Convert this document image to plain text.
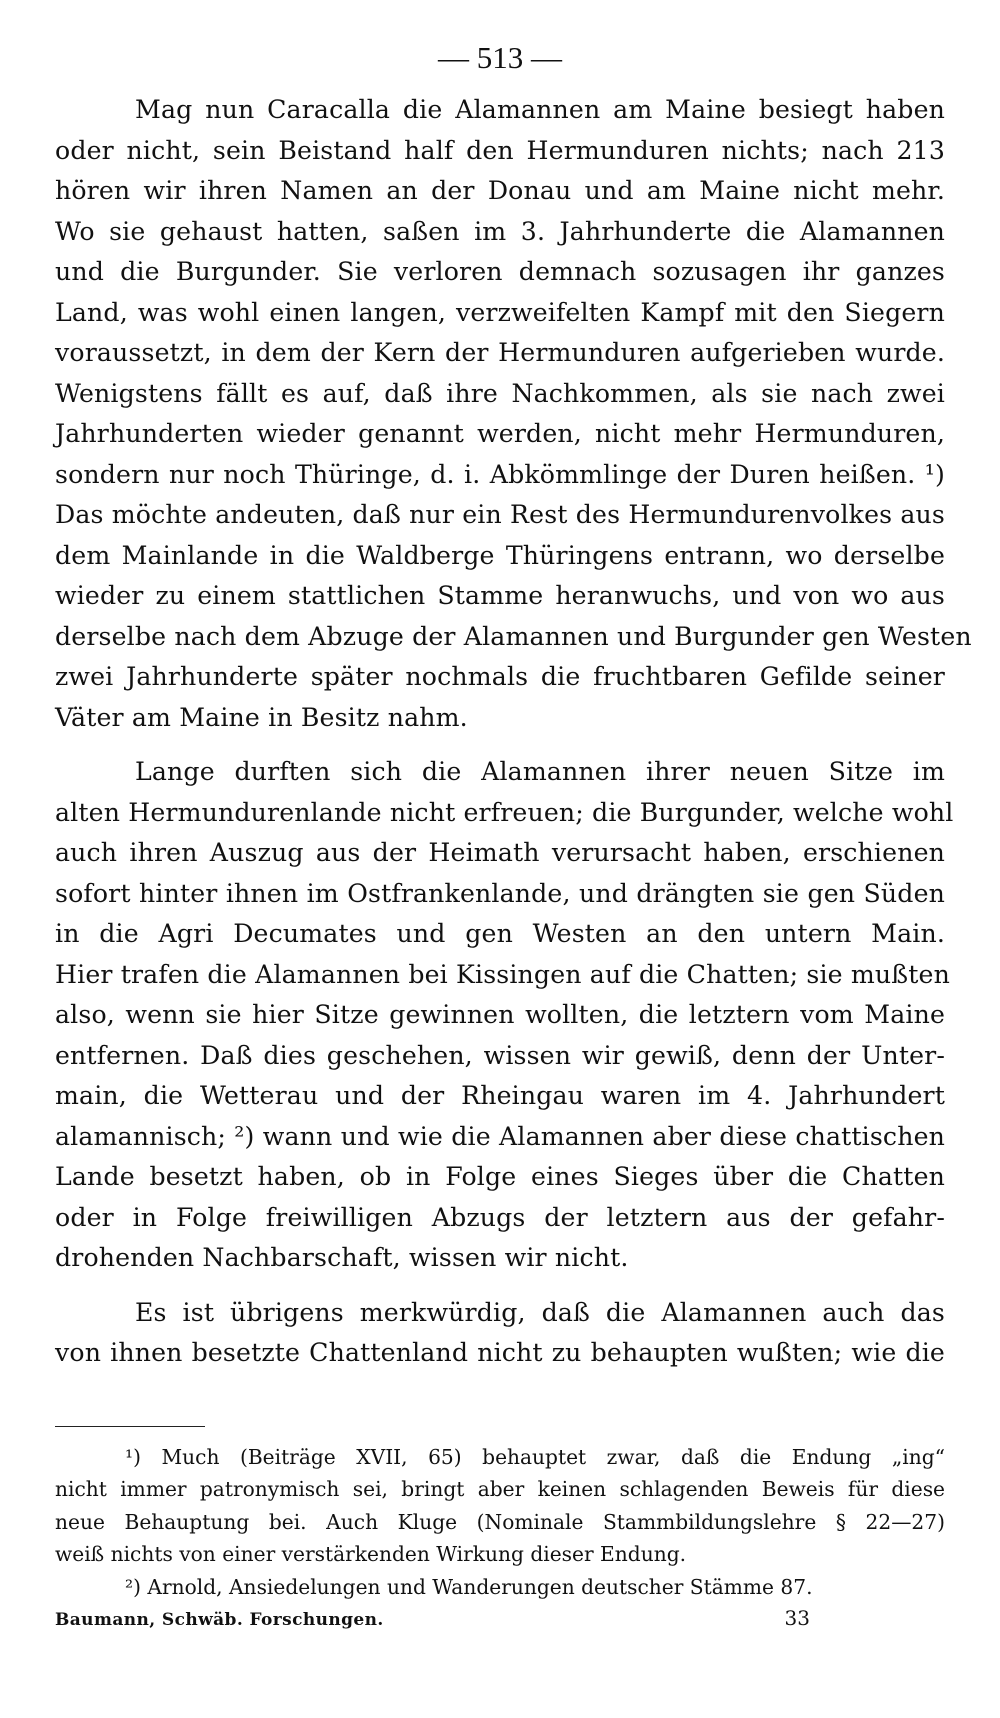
— 513 —

Mag nun Caracalla die Alamannen am Maine besiegt haben
oder nicht, sein Beistand half den Hermunduren nichts; nach 213
hören wir ihren Namen an der Donau und am Maine nicht mehr.
Wo sie gehaust hatten, saßen im 3. Jahrhunderte die Alamannen
und die Burgunder. Sie verloren demnach sozusagen ihr ganzes
Land, was wohl einen langen, verzweifelten Kampf mit den Siegern
voraussetzt, in dem der Kern der Hermunduren aufgerieben wurde.
Wenigstens fällt es auf, daß ihre Nachkommen, als sie nach zwei
Jahrhunderten wieder genannt werden, nicht mehr Hermunduren,
sondern nur noch Thüringe, d. i. Abkömmlinge der Duren heißen. ¹)
Das möchte andeuten, daß nur ein Rest des Hermundurenvolkes aus
dem Mainlande in die Waldberge Thüringens entrann, wo derselbe
wieder zu einem stattlichen Stamme heranwuchs, und von wo aus
derselbe nach dem Abzuge der Alamannen und Burgunder gen Westen
zwei Jahrhunderte später nochmals die fruchtbaren Gefilde seiner
Väter am Maine in Besitz nahm.

Lange durften sich die Alamannen ihrer neuen Sitze im
alten Hermundurenlande nicht erfreuen; die Burgunder, welche wohl
auch ihren Auszug aus der Heimath verursacht haben, erschienen
sofort hinter ihnen im Ostfrankenlande, und drängten sie gen Süden
in die Agri Decumates und gen Westen an den untern Main.
Hier trafen die Alamannen bei Kissingen auf die Chatten; sie mußten
also, wenn sie hier Sitze gewinnen wollten, die letztern vom Maine
entfernen. Daß dies geschehen, wissen wir gewiß, denn der Unter-
main, die Wetterau und der Rheingau waren im 4. Jahrhundert
alamannisch; ²) wann und wie die Alamannen aber diese chattischen
Lande besetzt haben, ob in Folge eines Sieges über die Chatten
oder in Folge freiwilligen Abzugs der letztern aus der gefahr-
drohenden Nachbarschaft, wissen wir nicht.

Es ist übrigens merkwürdig, daß die Alamannen auch das
von ihnen besetzte Chattenland nicht zu behaupten wußten; wie die

¹) Much (Beiträge XVII, 65) behauptet zwar, daß die Endung „ing“
nicht immer patronymisch sei, bringt aber keinen schlagenden Beweis für diese
neue Behauptung bei. Auch Kluge (Nominale Stammbildungslehre § 22—27)
weiß nichts von einer verstärkenden Wirkung dieser Endung.
²) Arnold, Ansiedelungen und Wanderungen deutscher Stämme 87.
Baumann, Schwäb. Forschungen.	33
